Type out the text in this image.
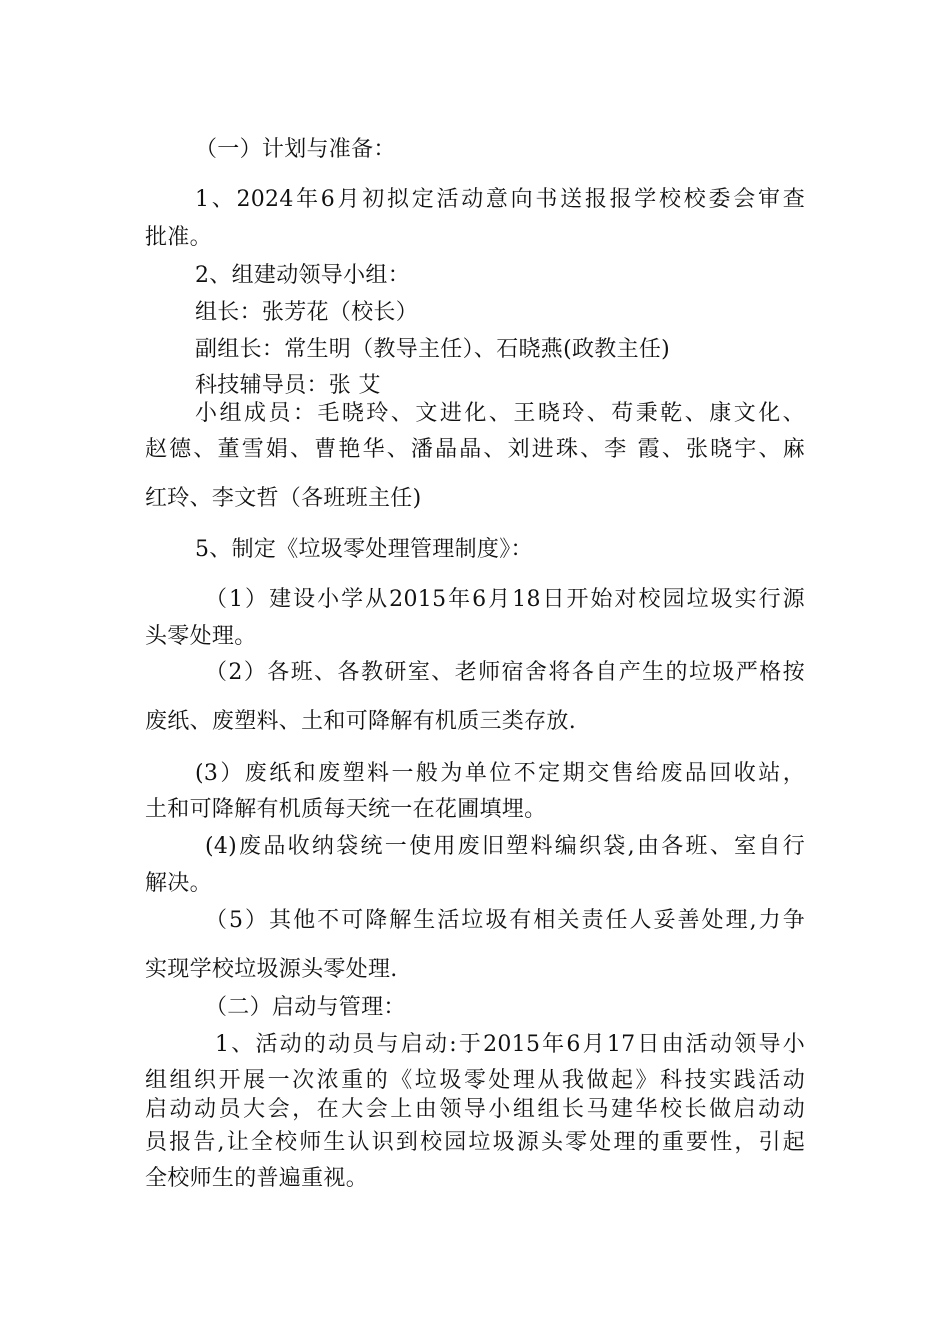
（一）计划与准备：
1、2024年6月初拟定活动意向书送报报学校校委会审查
批准。
2、组建动领导小组：
组长：张芳花（校长）
副组长：常生明（教导主任）、石晓燕(政教主任)
科技辅导员：张 艾
小组成员：毛晓玲、文进化、王晓玲、苟秉乾、康文化、
赵德、董雪娟、曹艳华、潘晶晶、刘进珠、李 霞、张晓宇、麻
红玲、李文哲（各班班主任)
5、制定《垃圾零处理管理制度》：
（1）建设小学从2015年6月18日开始对校园垃圾实行源
头零处理。
（2）各班、各教研室、老师宿舍将各自产生的垃圾严格按
废纸、废塑料、土和可降解有机质三类存放.
(3）废纸和废塑料一般为单位不定期交售给废品回收站，
土和可降解有机质每天统一在花圃填埋。
(4)废品收纳袋统一使用废旧塑料编织袋,由各班、室自行
解决。
（5）其他不可降解生活垃圾有相关责任人妥善处理,力争
实现学校垃圾源头零处理.
（二）启动与管理：
1、活动的动员与启动:于2015年6月17日由活动领导小
组组织开展一次浓重的《垃圾零处理从我做起》科技实践活动
启动动员大会，在大会上由领导小组组长马建华校长做启动动
员报告,让全校师生认识到校园垃圾源头零处理的重要性，引起
全校师生的普遍重视。
